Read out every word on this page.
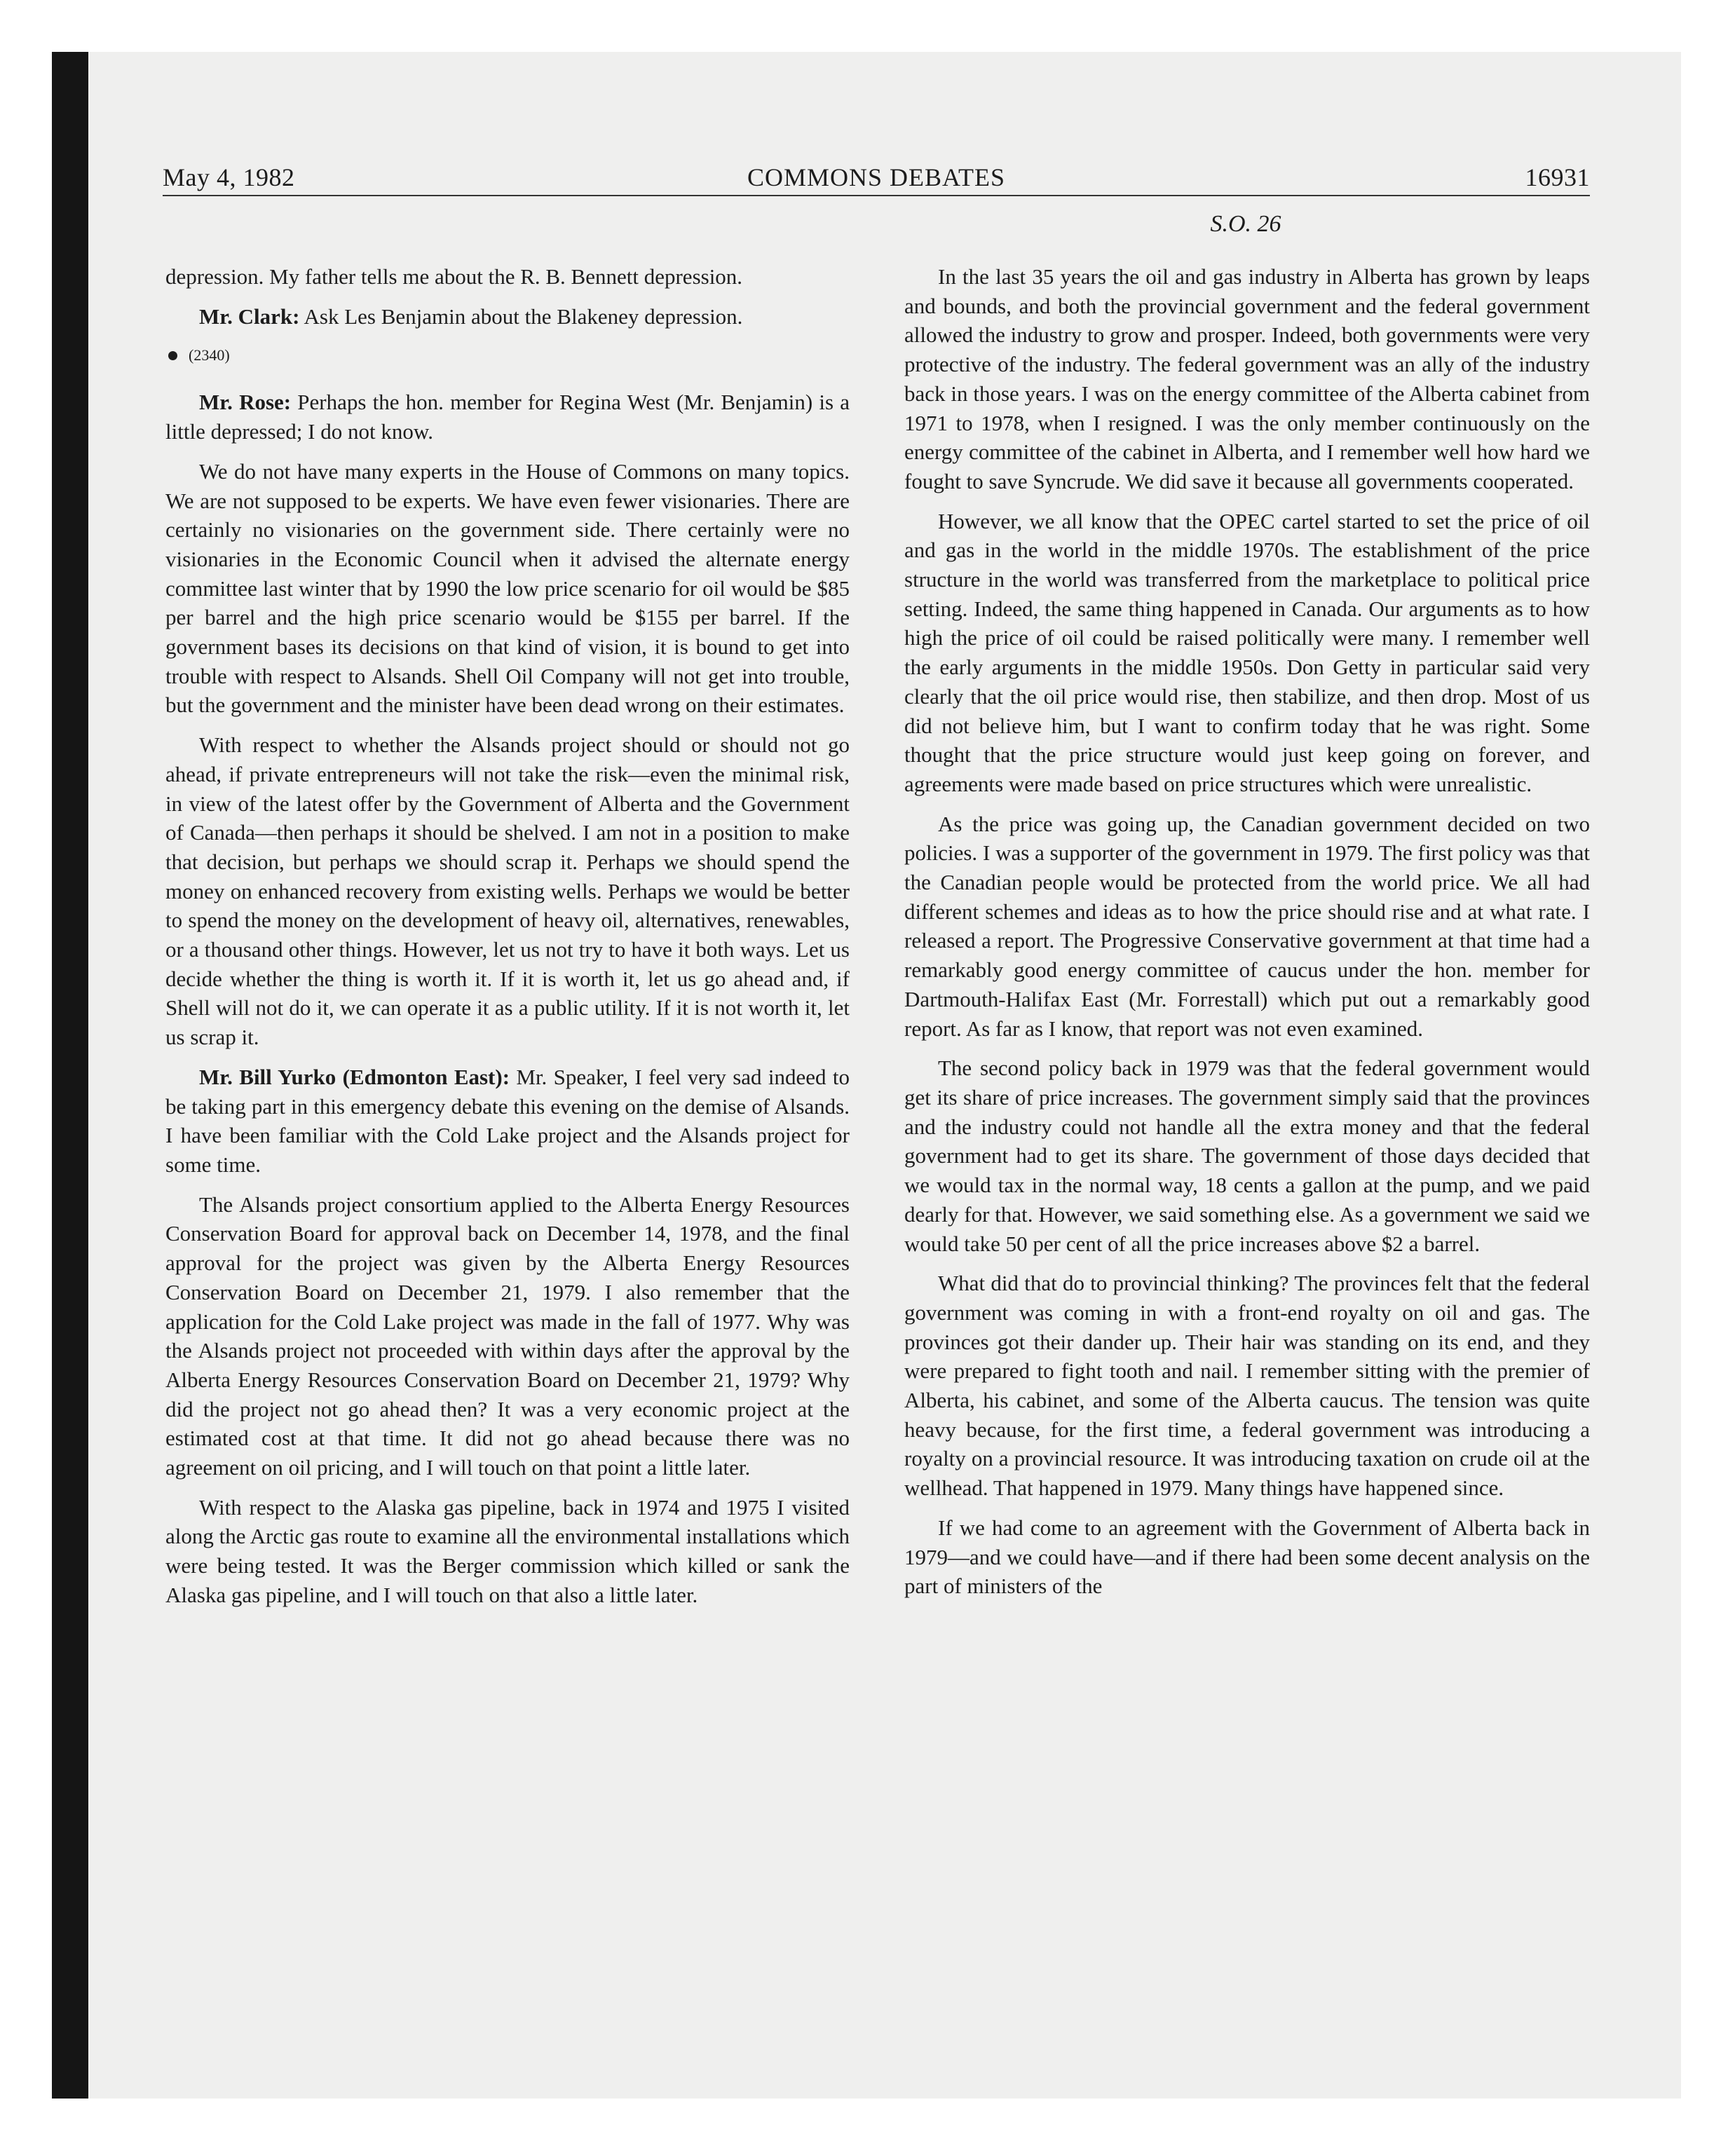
May 4, 1982	COMMONS DEBATES	16931
S.O. 26

depression. My father tells me about the R. B. Bennett depression.

Mr. Clark: Ask Les Benjamin about the Blakeney depression.

(2340)

Mr. Rose: Perhaps the hon. member for Regina West (Mr. Benjamin) is a little depressed; I do not know.

We do not have many experts in the House of Commons on many topics. We are not supposed to be experts. We have even fewer visionaries. There are certainly no visionaries on the government side. There certainly were no visionaries in the Economic Council when it advised the alternate energy committee last winter that by 1990 the low price scenario for oil would be $85 per barrel and the high price scenario would be $155 per barrel. If the government bases its decisions on that kind of vision, it is bound to get into trouble with respect to Alsands. Shell Oil Company will not get into trouble, but the government and the minister have been dead wrong on their estimates.

With respect to whether the Alsands project should or should not go ahead, if private entrepreneurs will not take the risk—even the minimal risk, in view of the latest offer by the Government of Alberta and the Government of Canada—then perhaps it should be shelved. I am not in a position to make that decision, but perhaps we should scrap it. Perhaps we should spend the money on enhanced recovery from existing wells. Perhaps we would be better to spend the money on the development of heavy oil, alternatives, renewables, or a thousand other things. However, let us not try to have it both ways. Let us decide whether the thing is worth it. If it is worth it, let us go ahead and, if Shell will not do it, we can operate it as a public utility. If it is not worth it, let us scrap it.

Mr. Bill Yurko (Edmonton East): Mr. Speaker, I feel very sad indeed to be taking part in this emergency debate this evening on the demise of Alsands. I have been familiar with the Cold Lake project and the Alsands project for some time.

The Alsands project consortium applied to the Alberta Energy Resources Conservation Board for approval back on December 14, 1978, and the final approval for the project was given by the Alberta Energy Resources Conservation Board on December 21, 1979. I also remember that the application for the Cold Lake project was made in the fall of 1977. Why was the Alsands project not proceeded with within days after the approval by the Alberta Energy Resources Conservation Board on December 21, 1979? Why did the project not go ahead then? It was a very economic project at the estimated cost at that time. It did not go ahead because there was no agreement on oil pricing, and I will touch on that point a little later.

With respect to the Alaska gas pipeline, back in 1974 and 1975 I visited along the Arctic gas route to examine all the environmental installations which were being tested. It was the Berger commission which killed or sank the Alaska gas pipeline, and I will touch on that also a little later.

In the last 35 years the oil and gas industry in Alberta has grown by leaps and bounds, and both the provincial government and the federal government allowed the industry to grow and prosper. Indeed, both governments were very protective of the industry. The federal government was an ally of the industry back in those years. I was on the energy committee of the Alberta cabinet from 1971 to 1978, when I resigned. I was the only member continuously on the energy committee of the cabinet in Alberta, and I remember well how hard we fought to save Syncrude. We did save it because all governments cooperated.

However, we all know that the OPEC cartel started to set the price of oil and gas in the world in the middle 1970s. The establishment of the price structure in the world was transferred from the marketplace to political price setting. Indeed, the same thing happened in Canada. Our arguments as to how high the price of oil could be raised politically were many. I remember well the early arguments in the middle 1950s. Don Getty in particular said very clearly that the oil price would rise, then stabilize, and then drop. Most of us did not believe him, but I want to confirm today that he was right. Some thought that the price structure would just keep going on forever, and agreements were made based on price structures which were unrealistic.

As the price was going up, the Canadian government decided on two policies. I was a supporter of the government in 1979. The first policy was that the Canadian people would be protected from the world price. We all had different schemes and ideas as to how the price should rise and at what rate. I released a report. The Progressive Conservative government at that time had a remarkably good energy committee of caucus under the hon. member for Dartmouth-Halifax East (Mr. Forrestall) which put out a remarkably good report. As far as I know, that report was not even examined.

The second policy back in 1979 was that the federal government would get its share of price increases. The government simply said that the provinces and the industry could not handle all the extra money and that the federal government had to get its share. The government of those days decided that we would tax in the normal way, 18 cents a gallon at the pump, and we paid dearly for that. However, we said something else. As a government we said we would take 50 per cent of all the price increases above $2 a barrel.

What did that do to provincial thinking? The provinces felt that the federal government was coming in with a front-end royalty on oil and gas. The provinces got their dander up. Their hair was standing on its end, and they were prepared to fight tooth and nail. I remember sitting with the premier of Alberta, his cabinet, and some of the Alberta caucus. The tension was quite heavy because, for the first time, a federal government was introducing a royalty on a provincial resource. It was introducing taxation on crude oil at the wellhead. That happened in 1979. Many things have happened since.

If we had come to an agreement with the Government of Alberta back in 1979—and we could have—and if there had been some decent analysis on the part of ministers of the
